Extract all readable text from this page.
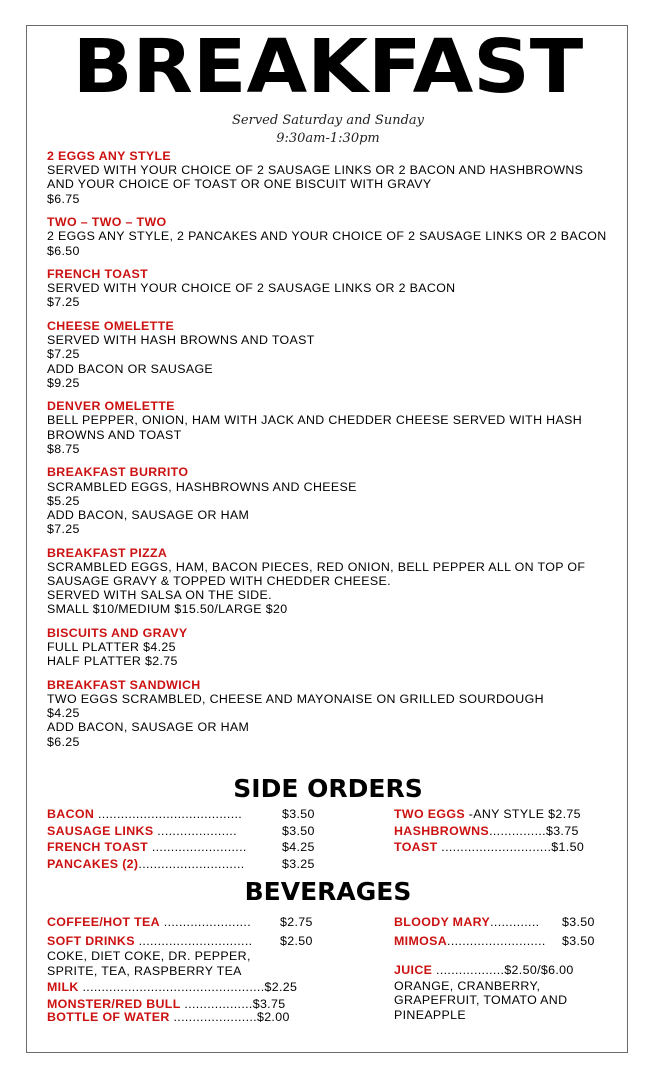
BREAKFAST
Served Saturday and Sunday
9:30am-1:30pm
2 EGGS ANY STYLE
SERVED WITH YOUR CHOICE OF 2 SAUSAGE LINKS OR 2 BACON AND HASHBROWNS AND YOUR CHOICE OF TOAST OR ONE BISCUIT WITH GRAVY
$6.75
TWO – TWO – TWO
2 EGGS ANY STYLE, 2 PANCAKES AND YOUR CHOICE OF 2 SAUSAGE LINKS OR 2 BACON
$6.50
FRENCH TOAST
SERVED WITH YOUR CHOICE OF 2 SAUSAGE LINKS OR 2 BACON
$7.25
CHEESE OMELETTE
SERVED WITH HASH BROWNS AND TOAST
$7.25
ADD BACON OR SAUSAGE
$9.25
DENVER OMELETTE
BELL PEPPER, ONION, HAM WITH JACK AND CHEDDER CHEESE SERVED WITH HASH BROWNS AND TOAST
$8.75
BREAKFAST BURRITO
SCRAMBLED EGGS, HASHBROWNS AND CHEESE
$5.25
ADD BACON, SAUSAGE OR HAM
$7.25
BREAKFAST PIZZA
SCRAMBLED EGGS, HAM, BACON PIECES, RED ONION, BELL PEPPER ALL ON TOP OF SAUSAGE GRAVY & TOPPED WITH CHEDDER CHEESE.
SERVED WITH SALSA ON THE SIDE.
SMALL $10/MEDIUM $15.50/LARGE $20
BISCUITS AND GRAVY
FULL PLATTER $4.25
HALF PLATTER $2.75
BREAKFAST SANDWICH
TWO EGGS SCRAMBLED, CHEESE AND MAYONAISE ON GRILLED SOURDOUGH
$4.25
ADD BACON, SAUSAGE OR HAM
$6.25
SIDE ORDERS
BACON ......................................
SAUSAGE LINKS .....................
FRENCH TOAST .........................
PANCAKES (2)............................
$3.50
$3.50
$4.25
$3.25
TWO EGGS -ANY STYLE $2.75
HASHBROWNS...............$3.75
TOAST .............................$1.50
BEVERAGES
COFFEE/HOT TEA .......................
SOFT DRINKS ..............................
COKE, DIET COKE, DR. PEPPER,
SPRITE, TEA, RASPBERRY TEA
MILK ................................................$2.25
MONSTER/RED BULL ..................$3.75
BOTTLE OF WATER ......................$2.00
$2.75
$2.50
BLOODY MARY.............
MIMOSA..........................
JUICE ..................$2.50/$6.00
ORANGE, CRANBERRY,
GRAPEFRUIT, TOMATO AND
PINEAPPLE
$3.50
$3.50
